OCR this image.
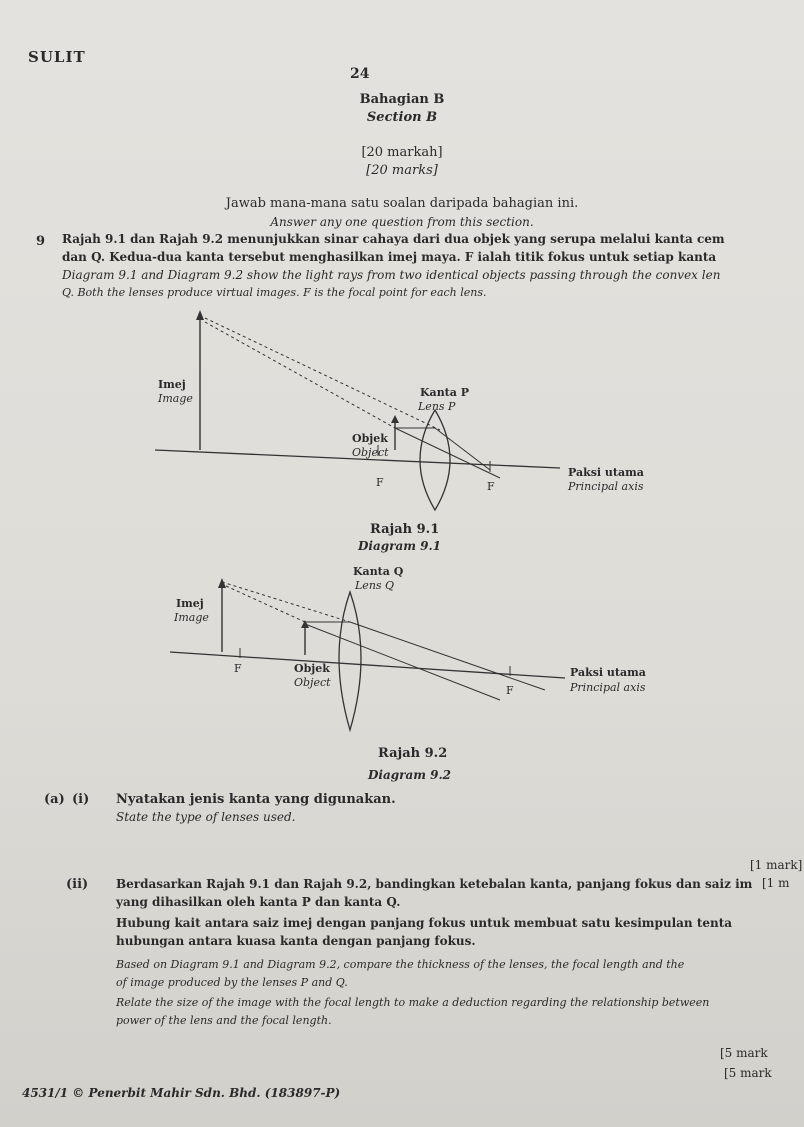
SULIT
24
Bahagian B
Section B
[20 markah]
[20 marks]
Jawab mana-mana satu soalan daripada bahagian ini.
Answer any one question from this section.
9 Rajah 9.1 dan Rajah 9.2 menunjukkan sinar cahaya dari dua objek yang serupa melalui kanta cem
dan Q. Kedua-dua kanta tersebut menghasilkan imej maya. F ialah titik fokus untuk setiap kanta
Diagram 9.1 and Diagram 9.2 show the light rays from two identical objects passing through the convex len
Q. Both the lenses produce virtual images. F is the focal point for each lens.
Imej
Image	Kanta P
Lens P
Objek
Object
F	F
Paksi utama
Principal axis
Rajah 9.1
Diagram 9.1
Kanta Q
Lens Q
Imej
Image
F	Objek
Object
F
Paksi utama
Principal axis
Rajah 9.2
Diagram 9.2
(a) (i) Nyatakan jenis kanta yang digunakan.
State the type of lenses used.
[1 mark]
[1 m
(ii) Berdasarkan Rajah 9.1 dan Rajah 9.2, bandingkan ketebalan kanta, panjang fokus dan saiz im
yang dihasilkan oleh kanta P dan kanta Q.
Hubung kait antara saiz imej dengan panjang fokus untuk membuat satu kesimpulan tenta
hubungan antara kuasa kanta dengan panjang fokus.
Based on Diagram 9.1 and Diagram 9.2, compare the thickness of the lenses, the focal length and the
of image produced by the lenses P and Q.
Relate the size of the image with the focal length to make a deduction regarding the relationship between
power of the lens and the focal length.
[5 mark
[5 mark
4531/1 © Penerbit Mahir Sdn. Bhd. (183897-P)
